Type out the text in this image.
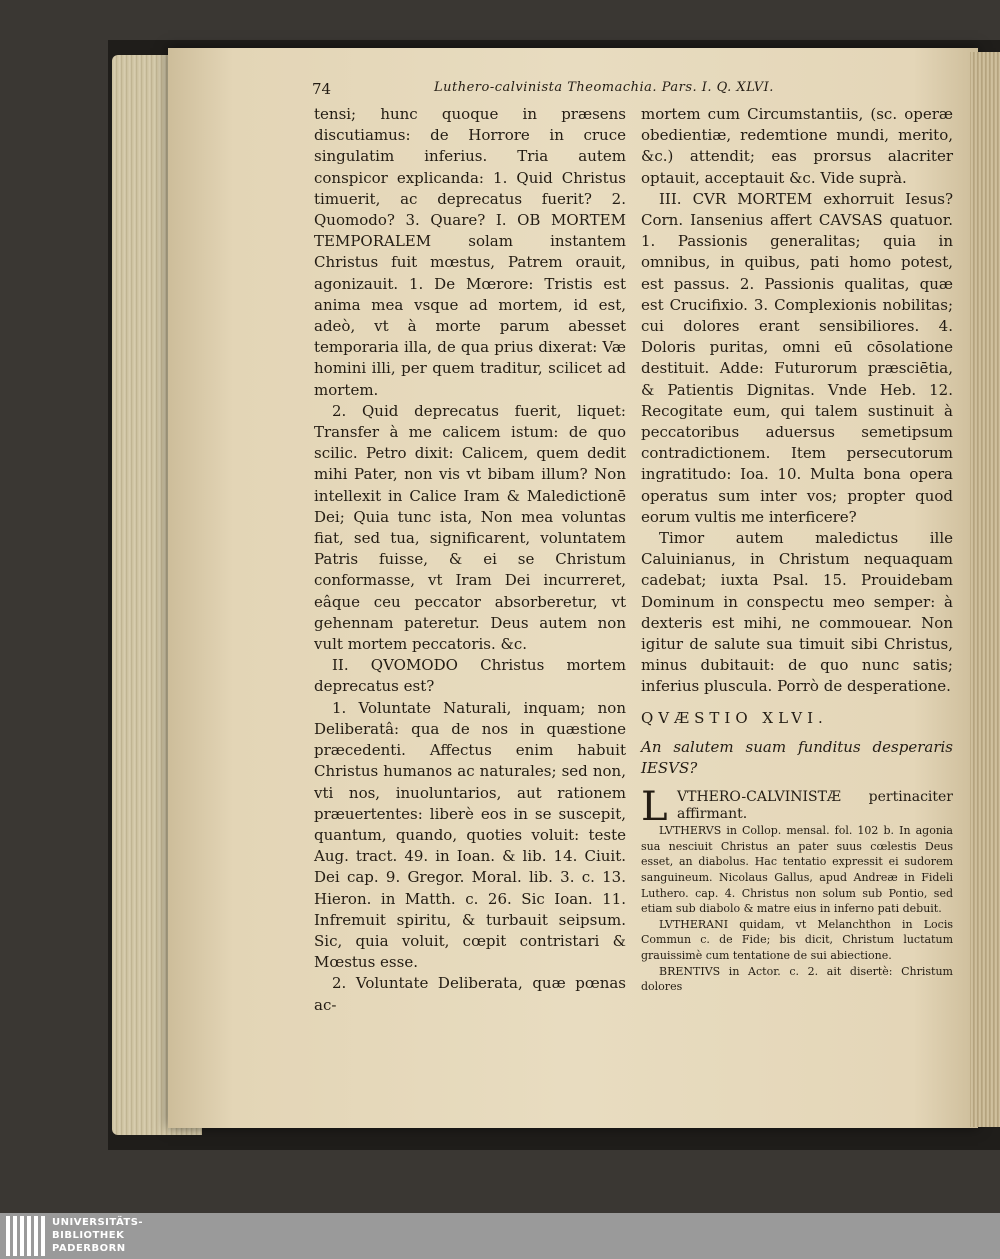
74	Luthero-calvinista Theomachia. Pars. I. Q. XLVI.

tensi; hunc quoque in præsens discutiamus: de Horrore in cruce singulatim inferius. Tria autem conspicor explicanda: 1. Quid Christus timuerit, ac deprecatus fuerit? 2. Quomodo? 3. Quare? I. OB MORTEM TEMPORALEM solam instantem Christus fuit mœstus, Patrem orauit, agonizauit. 1. De Mœrore: Tristis est anima mea vsque ad mortem, id est, adeò, vt à morte parum abesset temporaria illa, de qua prius dixerat: Væ homini illi, per quem traditur, scilicet ad mortem.

2. Quid deprecatus fuerit, liquet: Transfer à me calicem istum: de quo scilic. Petro dixit: Calicem, quem dedit mihi Pater, non vis vt bibam illum? Non intellexit in Calice Iram & Maledictionē Dei; Quia tunc ista, Non mea voluntas fiat, sed tua, significarent, voluntatem Patris fuisse, & ei se Christum conformasse, vt Iram Dei incurreret, eâque ceu peccator absorberetur, vt gehennam pateretur. Deus autem non vult mortem peccatoris. &c.

II. QVOMODO Christus mortem deprecatus est?

1. Voluntate Naturali, inquam; non Deliberatâ: qua de nos in quæstione præcedenti. Affectus enim habuit Christus humanos ac naturales; sed non, vti nos, inuoluntarios, aut rationem præuertentes: liberè eos in se suscepit, quantum, quando, quoties voluit: teste Aug. tract. 49. in Ioan. & lib. 14. Ciuit. Dei cap. 9. Gregor. Moral. lib. 3. c. 13. Hieron. in Matth. c. 26. Sic Ioan. 11. Infremuit spiritu, & turbauit seipsum. Sic, quia voluit, cœpit contristari & Mœstus esse.

2. Voluntate Deliberata, quæ pœnas ac-

mortem cum Circumstantiis, (sc. operæ obedientiæ, redemtione mundi, merito, &c.) attendit; eas prorsus alacriter optauit, acceptauit &c. Vide suprà.

III. CVR MORTEM exhorruit Iesus? Corn. Iansenius affert CAVSAS quatuor. 1. Passionis generalitas; quia in omnibus, in quibus, pati homo potest, est passus. 2. Passionis qualitas, quæ est Crucifixio. 3. Complexionis nobilitas; cui dolores erant sensibiliores. 4. Doloris puritas, omni eū cōsolatione destituit. Adde: Futurorum præsciētia, & Patientis Dignitas. Vnde Heb. 12. Recogitate eum, qui talem sustinuit à peccatoribus aduersus semetipsum contradictionem. Item persecutorum ingratitudo: Ioa. 10. Multa bona opera operatus sum inter vos; propter quod eorum vultis me interficere?

Timor autem maledictus ille Caluinianus, in Christum nequaquam cadebat; iuxta Psal. 15. Prouidebam Dominum in conspectu meo semper: à dexteris est mihi, ne commouear. Non igitur de salute sua timuit sibi Christus, minus dubitauit: de quo nunc satis; inferius pluscula. Porrò de desperatione.

QVÆSTIO XLVI.

An salutem suam funditus desperaris IESVS?

L VTHERO-CALVINISTÆ pertinaciter affirmant.

LVTHERVS in Collop. mensal. fol. 102 b. In agonia sua nesciuit Christus an pater suus cœlestis Deus esset, an diabolus. Hac tentatio expressit ei sudorem sanguineum. Nicolaus Gallus, apud Andreæ in Fideli Luthero. cap. 4. Christus non solum sub Pontio, sed etiam sub diabolo & matre eius in inferno pati debuit.

LVTHERANI quidam, vt Melanchthon in Locis Commun c. de Fide; bis dicit, Christum luctatum grauissimè cum tentatione de sui abiectione.

BRENTIVS in Actor. c. 2. ait disertè: Christum dolores

UNIVERSITÄTS-
BIBLIOTHEK
PADERBORN
